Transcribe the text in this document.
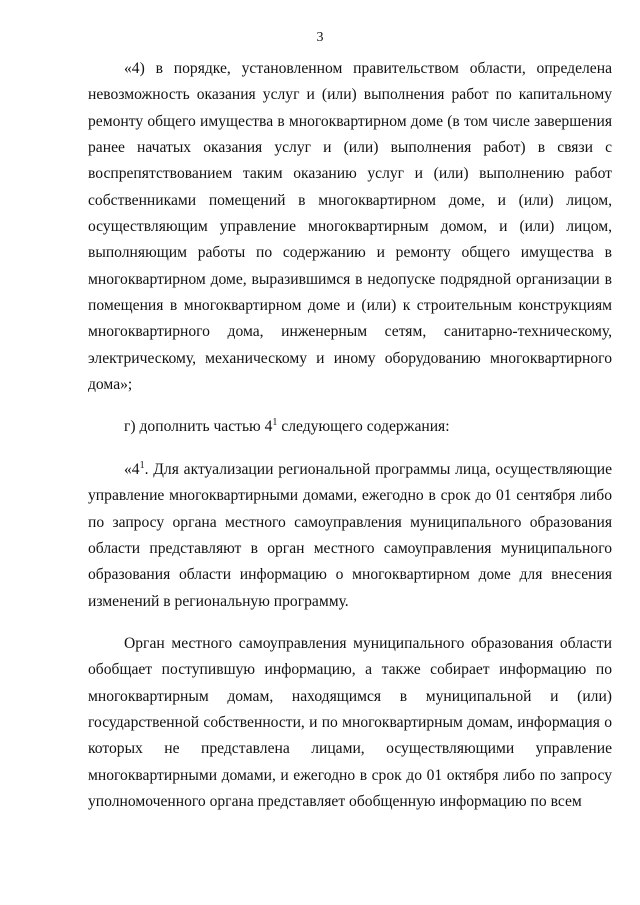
3

«4) в порядке, установленном правительством области, определена невозможность оказания услуг и (или) выполнения работ по капитальному ремонту общего имущества в многоквартирном доме (в том числе завершения ранее начатых оказания услуг и (или) выполнения работ) в связи с воспрепятствованием таким оказанию услуг и (или) выполнению работ собственниками помещений в многоквартирном доме, и (или) лицом, осуществляющим управление многоквартирным домом, и (или) лицом, выполняющим работы по содержанию и ремонту общего имущества в многоквартирном доме, выразившимся в недопуске подрядной организации в помещения в многоквартирном доме и (или) к строительным конструкциям многоквартирного дома, инженерным сетям, санитарно-техническому, электрическому, механическому и иному оборудованию многоквартирного дома»;

г) дополнить частью $4^1$ следующего содержания:

«$4^1$. Для актуализации региональной программы лица, осуществляющие управление многоквартирными домами, ежегодно в срок до 01 сентября либо по запросу органа местного самоуправления муниципального образования области представляют в орган местного самоуправления муниципального образования области информацию о многоквартирном доме для внесения изменений в региональную программу.

Орган местного самоуправления муниципального образования области обобщает поступившую информацию, а также собирает информацию по многоквартирным домам, находящимся в муниципальной и (или) государственной собственности, и по многоквартирным домам, информация о которых не представлена лицами, осуществляющими управление многоквартирными домами, и ежегодно в срок до 01 октября либо по запросу уполномоченного органа представляет обобщенную информацию по всем
